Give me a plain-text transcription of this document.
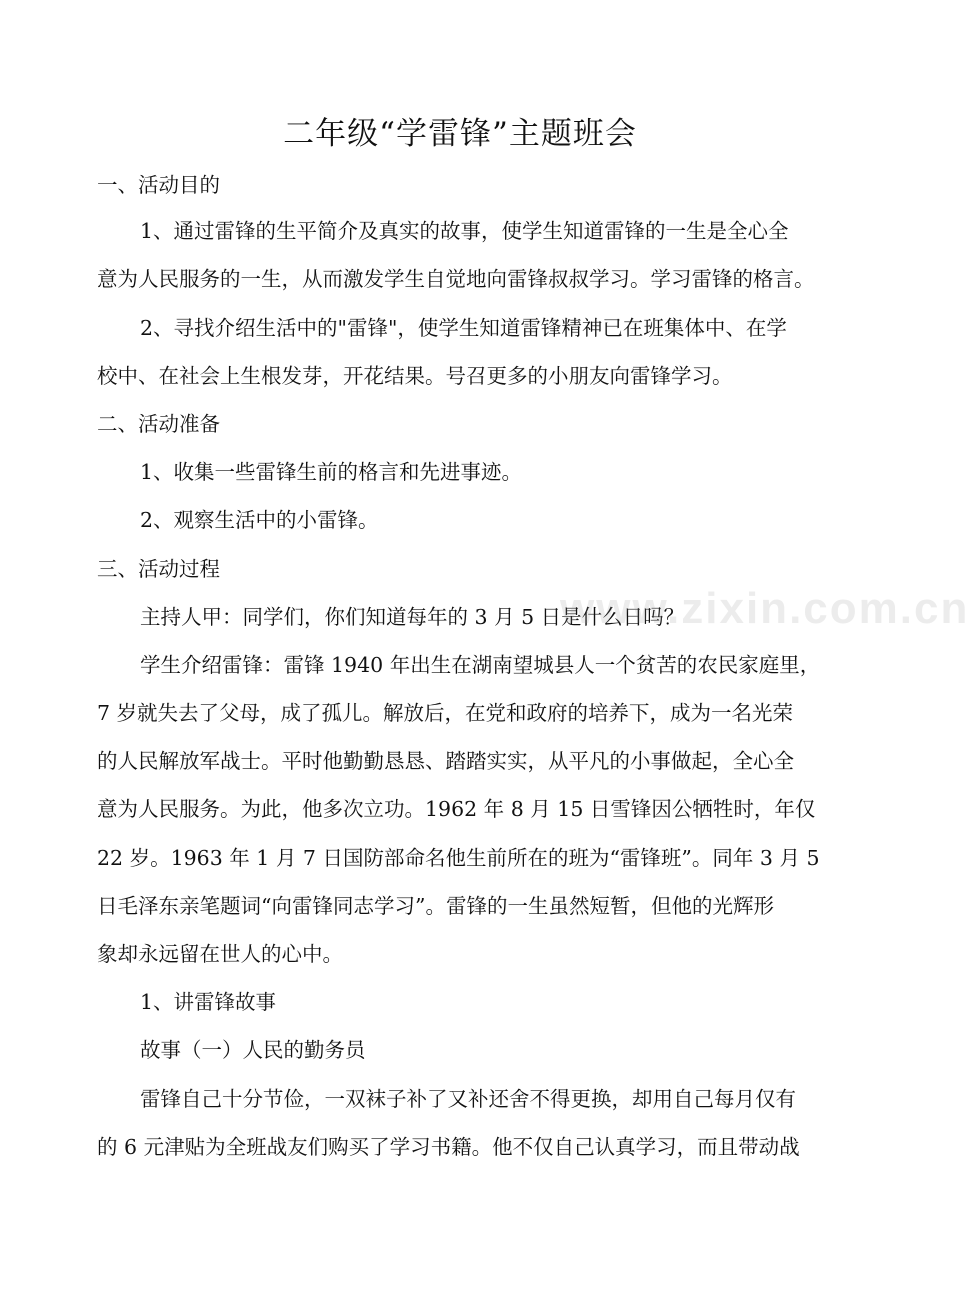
二年级“学雷锋”主题班会
一、活动目的
1、通过雷锋的生平简介及真实的故事，使学生知道雷锋的一生是全心全
意为人民服务的一生，从而激发学生自觉地向雷锋叔叔学习。学习雷锋的格言。
2、寻找介绍生活中的"雷锋"，使学生知道雷锋精神已在班集体中、在学
校中、在社会上生根发芽，开花结果。号召更多的小朋友向雷锋学习。
二、活动准备
1、收集一些雷锋生前的格言和先进事迹。
2、观察生活中的小雷锋。
三、活动过程
主持人甲：同学们，你们知道每年的 3 月 5 日是什么日吗？
学生介绍雷锋：雷锋 1940 年出生在湖南望城县人一个贫苦的农民家庭里，
7 岁就失去了父母，成了孤儿。解放后，在党和政府的培养下，成为一名光荣
的人民解放军战士。平时他勤勤恳恳、踏踏实实，从平凡的小事做起，全心全
意为人民服务。为此，他多次立功。1962 年 8 月 15 日雪锋因公牺牲时，年仅
22 岁。1963 年 1 月 7 日国防部命名他生前所在的班为“雷锋班”。同年 3 月 5
日毛泽东亲笔题词“向雷锋同志学习”。雷锋的一生虽然短暂，但他的光辉形
象却永远留在世人的心中。
1、讲雷锋故事
故事（一）人民的勤务员
雷锋自己十分节俭，一双袜子补了又补还舍不得更换，却用自己每月仅有
的 6 元津贴为全班战友们购买了学习书籍。他不仅自己认真学习，而且带动战
www.zixin.com.cn
